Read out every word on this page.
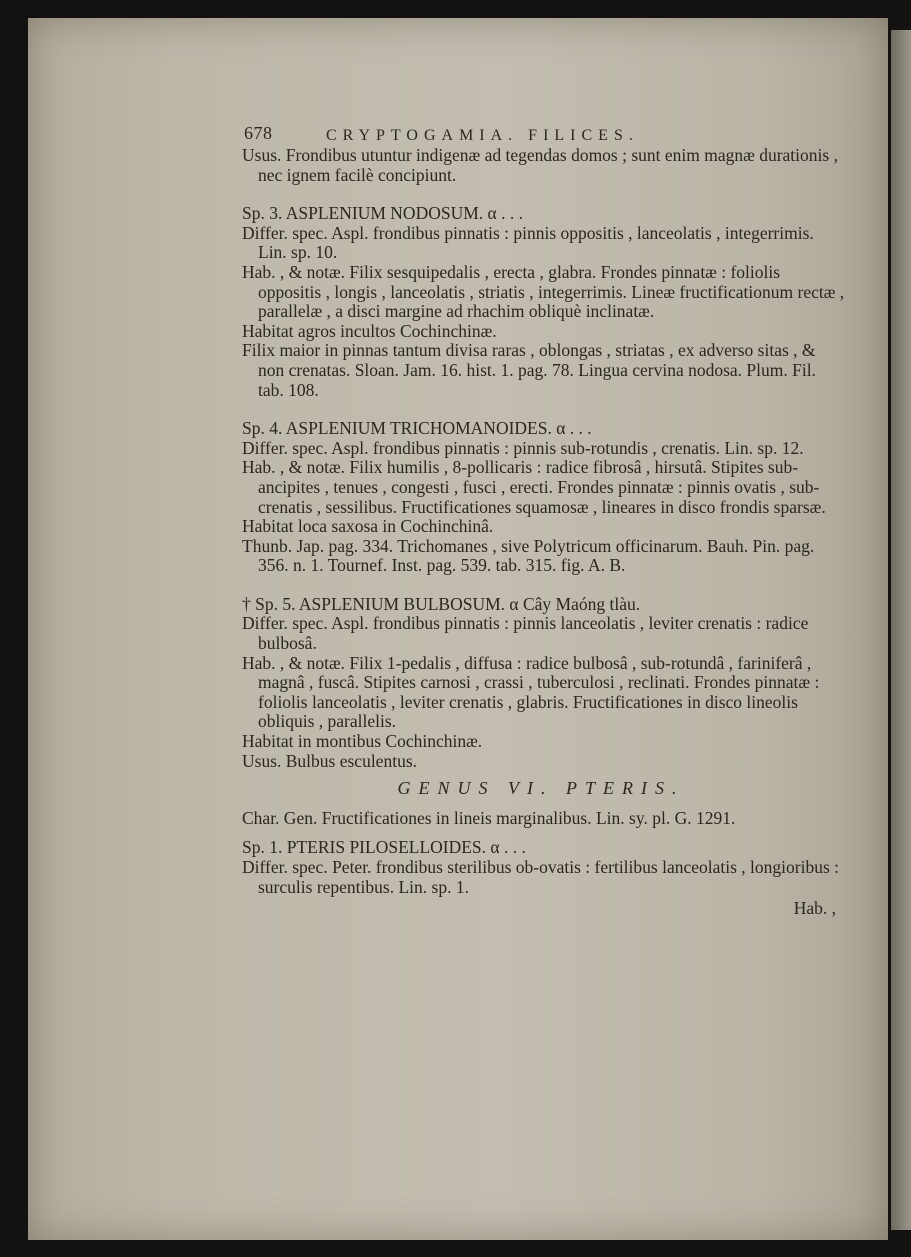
678	CRYPTOGAMIA. FILICES.

Usus. Frondibus utuntur indigenæ ad tegendas domos ; sunt enim magnæ durationis , nec ignem facilè concipiunt.

Sp. 3. ASPLENIUM NODOSUM. α . . .

Differ. spec. Aspl. frondibus pinnatis : pinnis oppositis , lanceolatis , integerrimis. Lin. sp. 10.

Hab. , & notæ. Filix sesquipedalis , erecta , glabra. Frondes pinnatæ : foliolis oppositis , longis , lanceolatis , striatis , integerrimis. Lineæ fructificationum rectæ , parallelæ , a disci margine ad rhachim obliquè inclinatæ.

Habitat agros incultos Cochinchinæ.

Filix maior in pinnas tantum divisa raras , oblongas , striatas , ex adverso sitas , & non crenatas. Sloan. Jam. 16. hist. 1. pag. 78. Lingua cervina nodosa. Plum. Fil. tab. 108.

Sp. 4. ASPLENIUM TRICHOMANOIDES. α . . .

Differ. spec. Aspl. frondibus pinnatis : pinnis sub-rotundis , crenatis. Lin. sp. 12.

Hab. , & notæ. Filix humilis , 8-pollicaris : radice fibrosâ , hirsutâ. Stipites sub-ancipites , tenues , congesti , fusci , erecti. Frondes pinnatæ : pinnis ovatis , sub-crenatis , sessilibus. Fructificationes squamosæ , lineares in disco frondis sparsæ.

Habitat loca saxosa in Cochinchinâ.

Thunb. Jap. pag. 334. Trichomanes , sive Polytricum officinarum. Bauh. Pin. pag. 356. n. 1. Tournef. Inst. pag. 539. tab. 315. fig. A. B.

† Sp. 5. ASPLENIUM BULBOSUM. α Cây Maóng tlàu.

Differ. spec. Aspl. frondibus pinnatis : pinnis lanceolatis , leviter crenatis : radice bulbosâ.

Hab. , & notæ. Filix 1-pedalis , diffusa : radice bulbosâ , sub-rotundâ , fariniferâ , magnâ , fuscâ. Stipites carnosi , crassi , tuberculosi , reclinati. Frondes pinnatæ : foliolis lanceolatis , leviter crenatis , glabris. Fructificationes in disco lineolis obliquis , parallelis.

Habitat in montibus Cochinchinæ.

Usus. Bulbus esculentus.

GENUS VI. PTERIS.

Char. Gen. Fructificationes in lineis marginalibus. Lin. sy. pl. G. 1291.

Sp. 1. PTERIS PILOSELLOIDES. α . . .

Differ. spec. Peter. frondibus sterilibus ob-ovatis : fertilibus lanceolatis , longioribus : surculis repentibus. Lin. sp. 1.

Hab. ,
